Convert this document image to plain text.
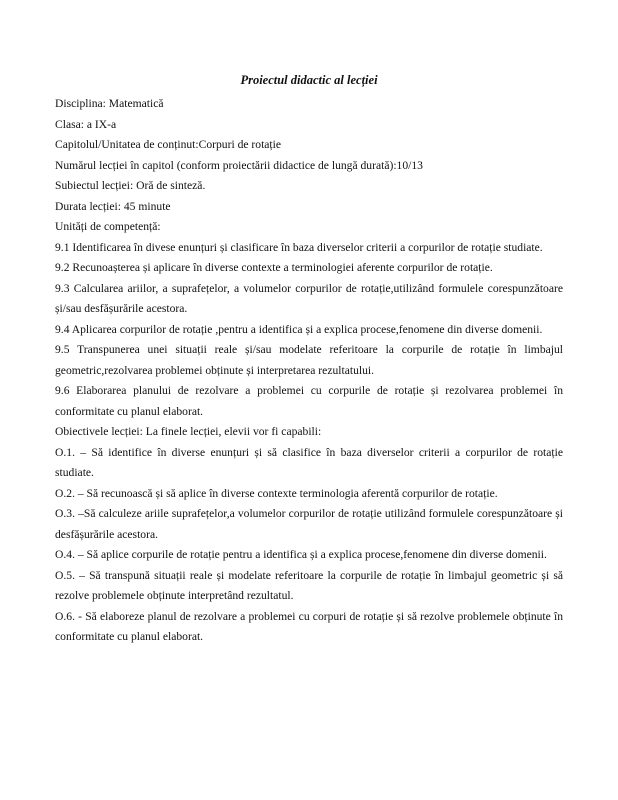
Proiectul didactic al lecției

Disciplina: Matematică

Clasa: a IX-a

Capitolul/Unitatea de conținut:Corpuri de rotație

Numărul lecției în capitol (conform proiectării didactice de lungă durată):10/13

Subiectul lecției: Oră de sinteză.

Durata lecției: 45 minute

Unități de competență:

9.1 Identificarea în divese enunțuri și clasificare în baza diverselor criterii a corpurilor de rotație studiate.

9.2 Recunoașterea și aplicare în diverse contexte a terminologiei aferente corpurilor de rotație.

9.3 Calcularea ariilor, a suprafețelor, a volumelor corpurilor de rotație,utilizând formulele corespunzătoare și/sau desfășurările acestora.

9.4 Aplicarea corpurilor de rotație ,pentru a identifica și a explica procese,fenomene din diverse domenii.

9.5 Transpunerea unei situații reale și/sau modelate referitoare la corpurile de rotație în limbajul geometric,rezolvarea problemei obținute și interpretarea rezultatului.

9.6 Elaborarea planului de rezolvare a problemei cu corpurile de rotație și rezolvarea problemei în conformitate cu planul elaborat.

Obiectivele lecției: La finele lecției, elevii vor fi capabili:

O.1. – Să identifice în diverse enunțuri și să clasifice în baza diverselor criterii a corpurilor de rotație studiate.

O.2. – Să recunoască și să aplice în diverse contexte terminologia aferentă corpurilor de rotație.

O.3. –Să calculeze ariile suprafețelor,a volumelor corpurilor de rotație utilizând formulele corespunzătoare și desfășurările acestora.

O.4. – Să aplice corpurile de rotație pentru a identifica și a explica procese,fenomene din diverse domenii.

O.5. – Să transpună situații reale și modelate referitoare la corpurile de rotație în limbajul geometric și să rezolve problemele obținute interpretând rezultatul.

O.6. - Să elaboreze planul de rezolvare a problemei cu corpuri de rotație și să rezolve problemele obținute în conformitate cu planul elaborat.
